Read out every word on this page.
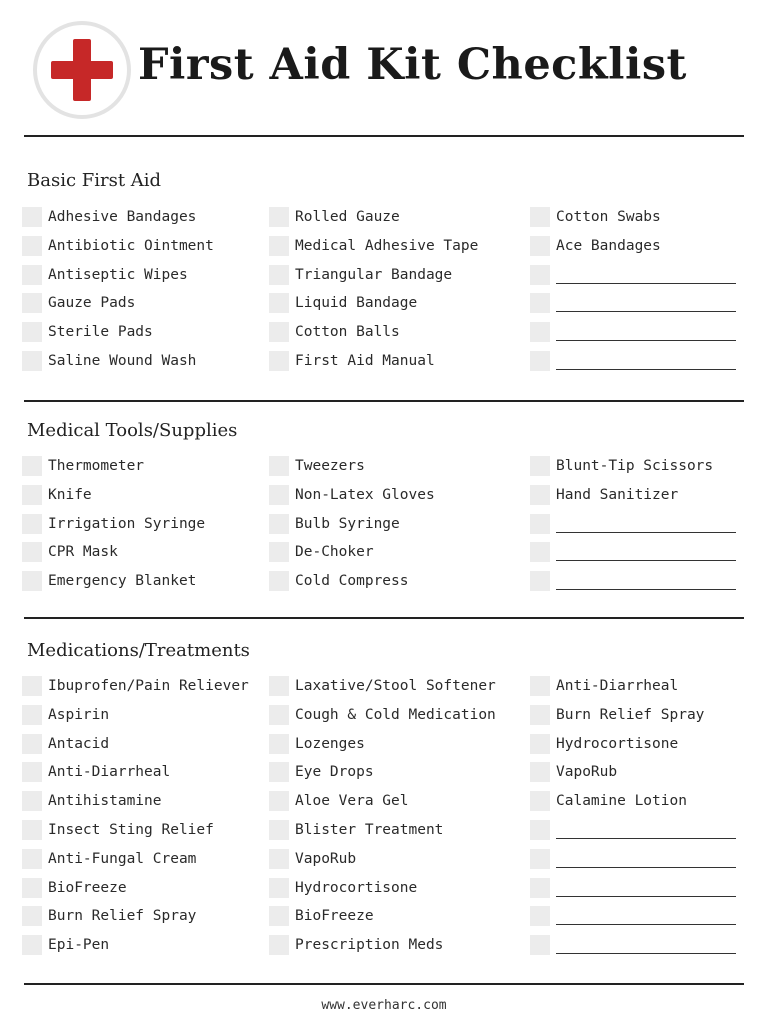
First Aid Kit Checklist
Basic First Aid
Adhesive Bandages
Antibiotic Ointment
Antiseptic Wipes
Gauze Pads
Sterile Pads
Saline Wound Wash
Rolled Gauze
Medical Adhesive Tape
Triangular Bandage
Liquid Bandage
Cotton Balls
First Aid Manual
Cotton Swabs
Ace Bandages
Medical Tools/Supplies
Thermometer
Knife
Irrigation Syringe
CPR Mask
Emergency Blanket
Tweezers
Non-Latex Gloves
Bulb Syringe
De-Choker
Cold Compress
Blunt-Tip Scissors
Hand Sanitizer
Medications/Treatments
Ibuprofen/Pain Reliever
Aspirin
Antacid
Anti-Diarrheal
Antihistamine
Insect Sting Relief
Anti-Fungal Cream
BioFreeze
Burn Relief Spray
Epi-Pen
Laxative/Stool Softener
Cough & Cold Medication
Lozenges
Eye Drops
Aloe Vera Gel
Blister Treatment
VapoRub
Hydrocortisone
BioFreeze
Prescription Meds
Anti-Diarrheal
Burn Relief Spray
Hydrocortisone
VapoRub
Calamine Lotion
www.everharc.com
